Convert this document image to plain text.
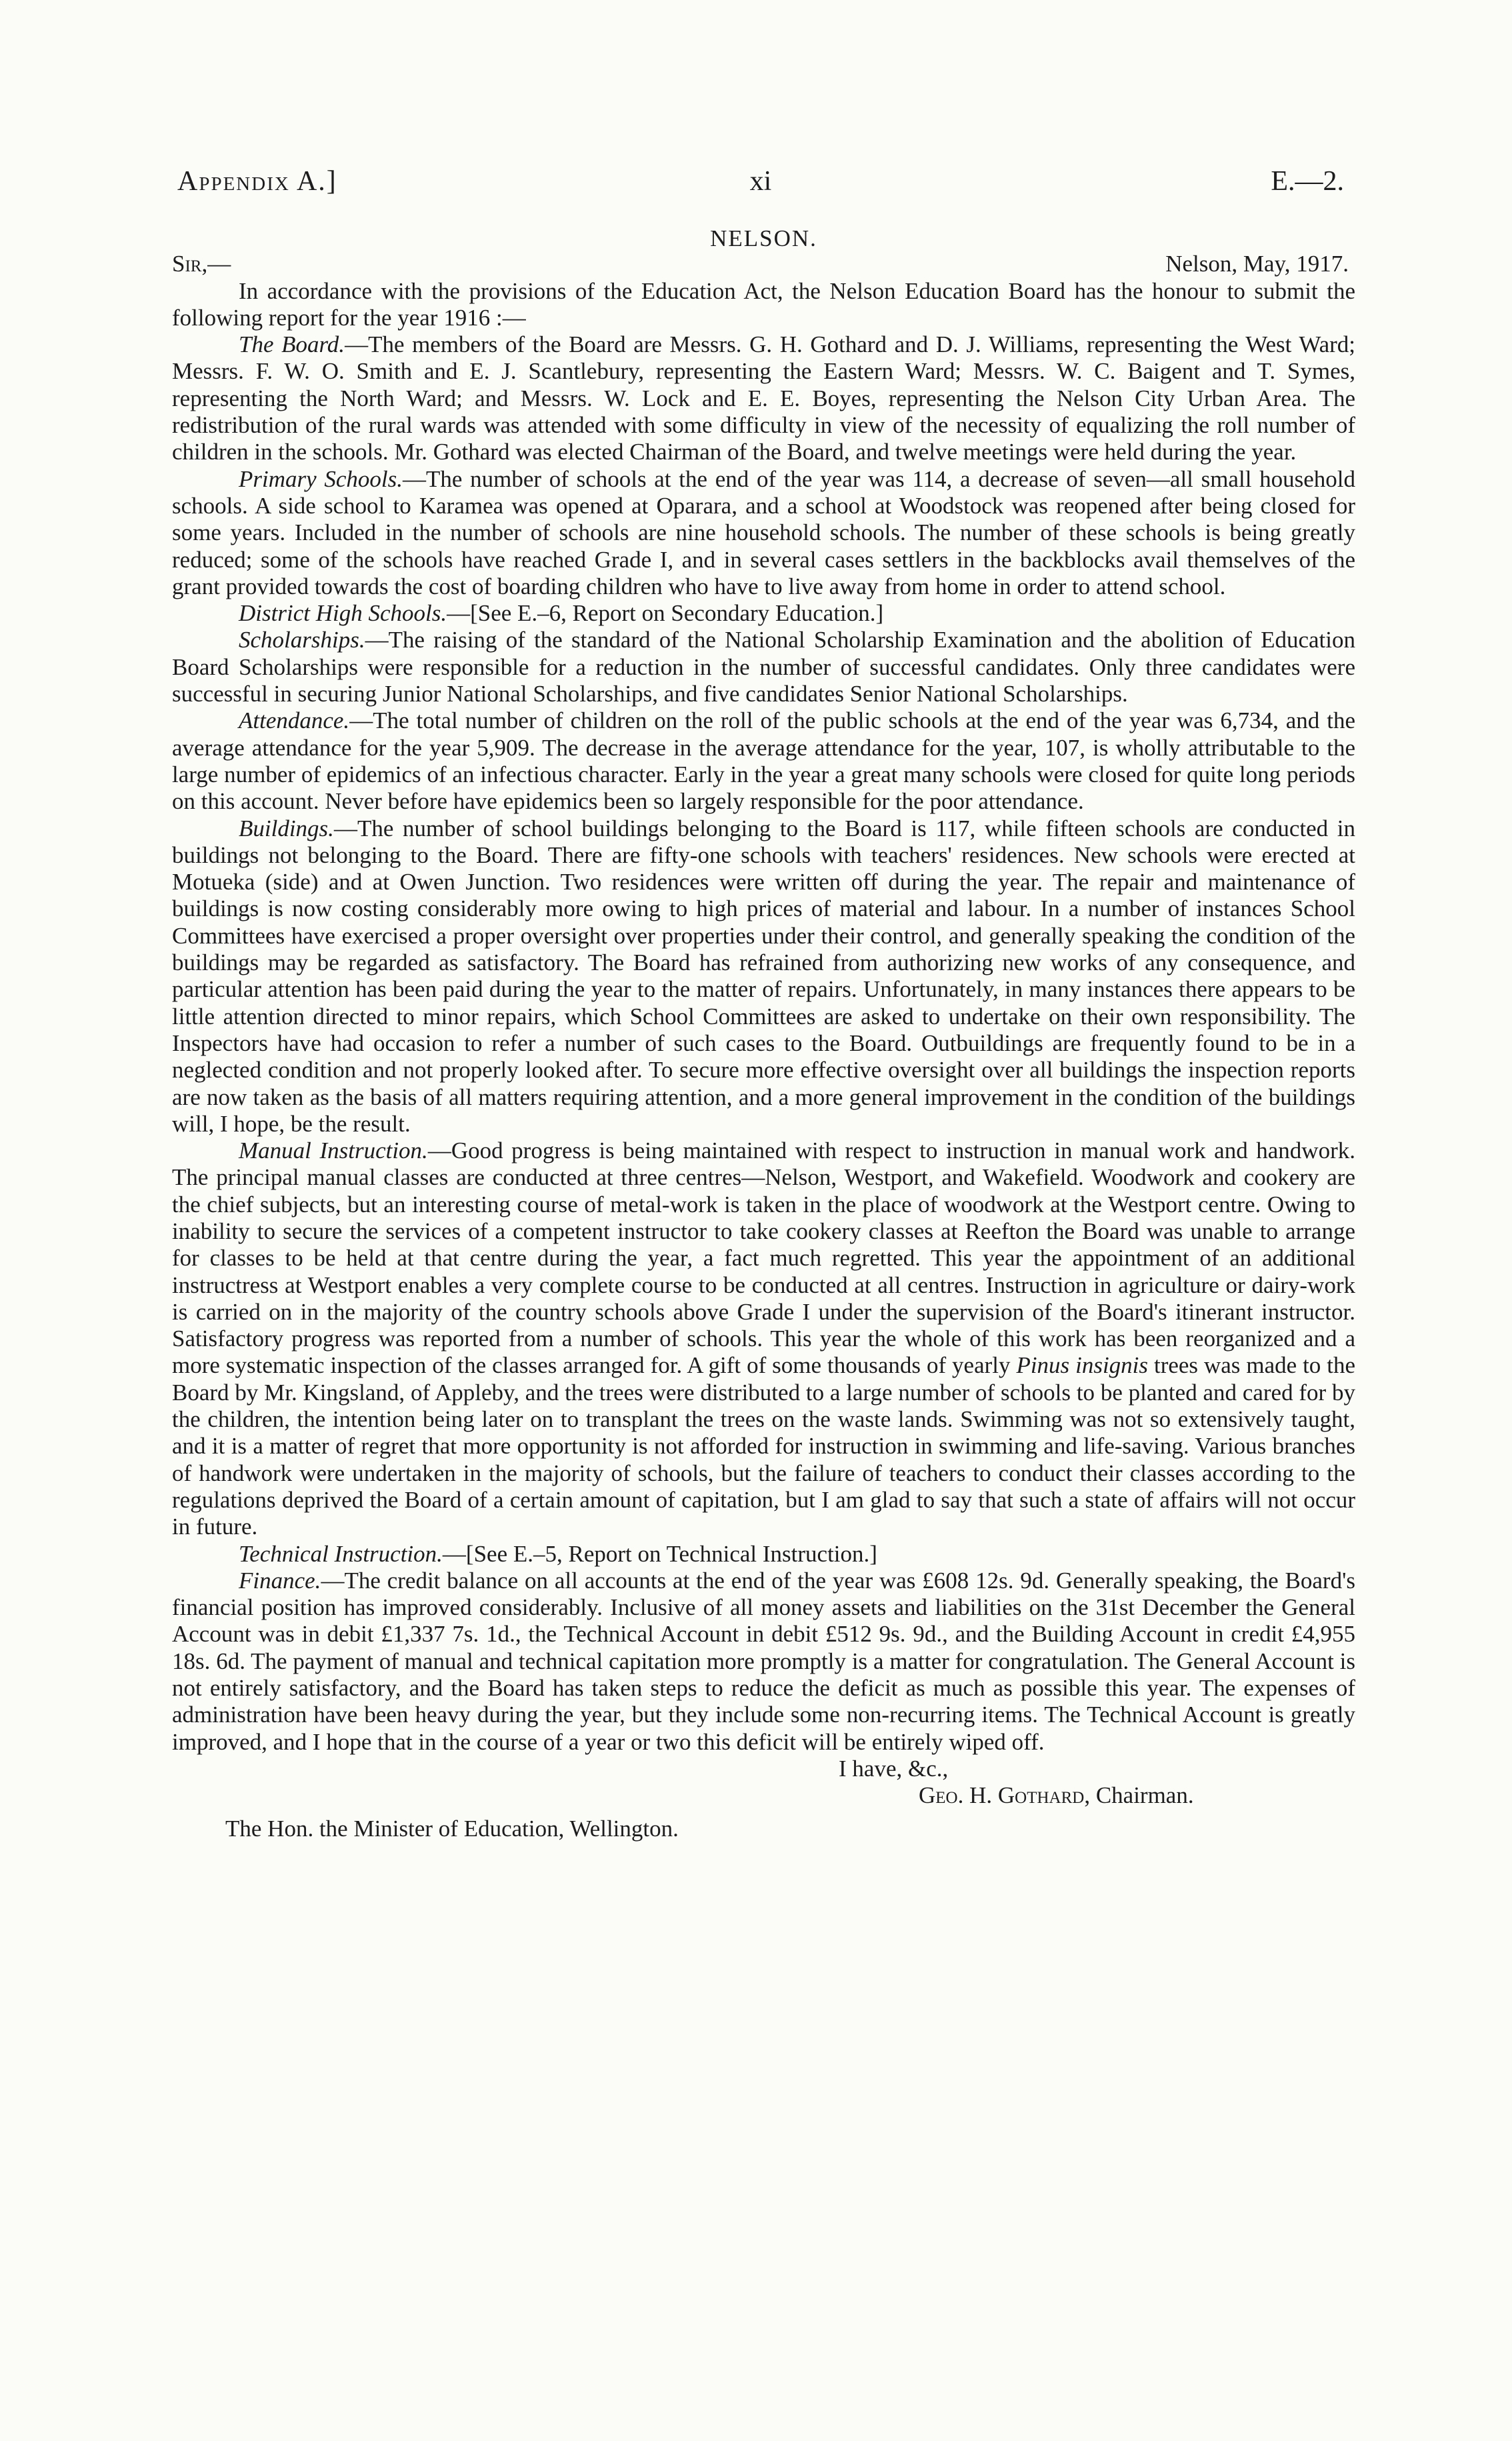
Appendix A.]	xi	E.—2.
NELSON.
Sir,—	Nelson, May, 1917.

In accordance with the provisions of the Education Act, the Nelson Education Board has the honour to submit the following report for the year 1916 :—

The Board.—The members of the Board are Messrs. G. H. Gothard and D. J. Williams, representing the West Ward; Messrs. F. W. O. Smith and E. J. Scantlebury, representing the Eastern Ward; Messrs. W. C. Baigent and T. Symes, representing the North Ward; and Messrs. W. Lock and E. E. Boyes, representing the Nelson City Urban Area. The redistribution of the rural wards was attended with some difficulty in view of the necessity of equalizing the roll number of children in the schools. Mr. Gothard was elected Chairman of the Board, and twelve meetings were held during the year.

Primary Schools.—The number of schools at the end of the year was 114, a decrease of seven—all small household schools. A side school to Karamea was opened at Oparara, and a school at Woodstock was reopened after being closed for some years. Included in the number of schools are nine household schools. The number of these schools is being greatly reduced; some of the schools have reached Grade I, and in several cases settlers in the backblocks avail themselves of the grant provided towards the cost of boarding children who have to live away from home in order to attend school.

District High Schools.—[See E.–6, Report on Secondary Education.]

Scholarships.—The raising of the standard of the National Scholarship Examination and the abolition of Education Board Scholarships were responsible for a reduction in the number of successful candidates. Only three candidates were successful in securing Junior National Scholarships, and five candidates Senior National Scholarships.

Attendance.—The total number of children on the roll of the public schools at the end of the year was 6,734, and the average attendance for the year 5,909. The decrease in the average attendance for the year, 107, is wholly attributable to the large number of epidemics of an infectious character. Early in the year a great many schools were closed for quite long periods on this account. Never before have epidemics been so largely responsible for the poor attendance.

Buildings.—The number of school buildings belonging to the Board is 117, while fifteen schools are conducted in buildings not belonging to the Board. There are fifty-one schools with teachers' residences. New schools were erected at Motueka (side) and at Owen Junction. Two residences were written off during the year. The repair and maintenance of buildings is now costing considerably more owing to high prices of material and labour. In a number of instances School Committees have exercised a proper oversight over properties under their control, and generally speaking the condition of the buildings may be regarded as satisfactory. The Board has refrained from authorizing new works of any consequence, and particular attention has been paid during the year to the matter of repairs. Unfortunately, in many instances there appears to be little attention directed to minor repairs, which School Committees are asked to undertake on their own responsibility. The Inspectors have had occasion to refer a number of such cases to the Board. Outbuildings are frequently found to be in a neglected condition and not properly looked after. To secure more effective oversight over all buildings the inspection reports are now taken as the basis of all matters requiring attention, and a more general improvement in the condition of the buildings will, I hope, be the result.

Manual Instruction.—Good progress is being maintained with respect to instruction in manual work and handwork. The principal manual classes are conducted at three centres—Nelson, Westport, and Wakefield. Woodwork and cookery are the chief subjects, but an interesting course of metal-work is taken in the place of woodwork at the Westport centre. Owing to inability to secure the services of a competent instructor to take cookery classes at Reefton the Board was unable to arrange for classes to be held at that centre during the year, a fact much regretted. This year the appointment of an additional instructress at Westport enables a very complete course to be conducted at all centres. Instruction in agriculture or dairy-work is carried on in the majority of the country schools above Grade I under the supervision of the Board's itinerant instructor. Satisfactory progress was reported from a number of schools. This year the whole of this work has been reorganized and a more systematic inspection of the classes arranged for. A gift of some thousands of yearly Pinus insignis trees was made to the Board by Mr. Kingsland, of Appleby, and the trees were distributed to a large number of schools to be planted and cared for by the children, the intention being later on to transplant the trees on the waste lands. Swimming was not so extensively taught, and it is a matter of regret that more opportunity is not afforded for instruction in swimming and life-saving. Various branches of handwork were undertaken in the majority of schools, but the failure of teachers to conduct their classes according to the regulations deprived the Board of a certain amount of capitation, but I am glad to say that such a state of affairs will not occur in future.

Technical Instruction.—[See E.–5, Report on Technical Instruction.]

Finance.—The credit balance on all accounts at the end of the year was £608 12s. 9d. Generally speaking, the Board's financial position has improved considerably. Inclusive of all money assets and liabilities on the 31st December the General Account was in debit £1,337 7s. 1d., the Technical Account in debit £512 9s. 9d., and the Building Account in credit £4,955 18s. 6d. The payment of manual and technical capitation more promptly is a matter for congratulation. The General Account is not entirely satisfactory, and the Board has taken steps to reduce the deficit as much as possible this year. The expenses of administration have been heavy during the year, but they include some non-recurring items. The Technical Account is greatly improved, and I hope that in the course of a year or two this deficit will be entirely wiped off.

I have, &c.,
Geo. H. Gothard, Chairman.

The Hon. the Minister of Education, Wellington.
